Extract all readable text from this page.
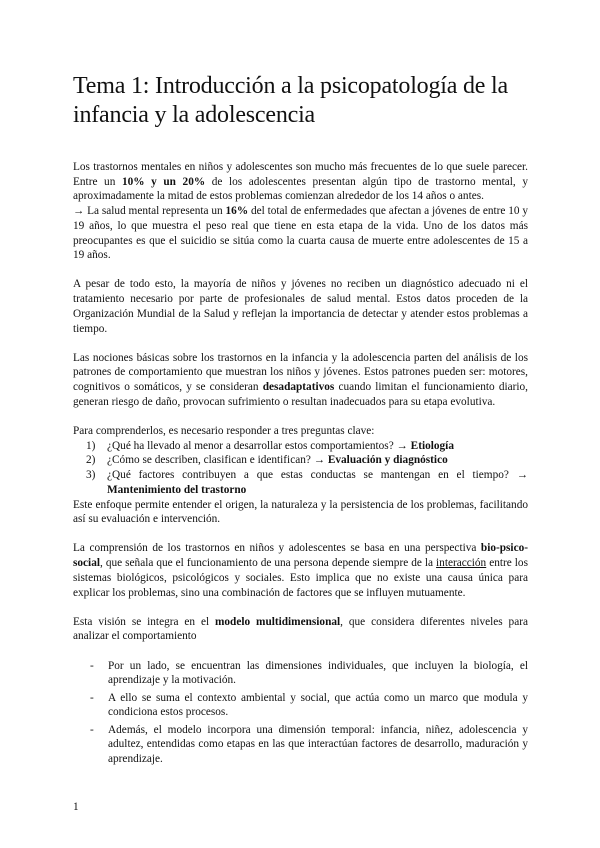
Tema 1: Introducción a la psicopatología de la infancia y la adolescencia

Los trastornos mentales en niños y adolescentes son mucho más frecuentes de lo que suele parecer. Entre un 10% y un 20% de los adolescentes presentan algún tipo de trastorno mental, y aproximadamente la mitad de estos problemas comienzan alrededor de los 14 años o antes.

→ La salud mental representa un 16% del total de enfermedades que afectan a jóvenes de entre 10 y 19 años, lo que muestra el peso real que tiene en esta etapa de la vida. Uno de los datos más preocupantes es que el suicidio se sitúa como la cuarta causa de muerte entre adolescentes de 15 a 19 años.

A pesar de todo esto, la mayoría de niños y jóvenes no reciben un diagnóstico adecuado ni el tratamiento necesario por parte de profesionales de salud mental. Estos datos proceden de la Organización Mundial de la Salud y reflejan la importancia de detectar y atender estos problemas a tiempo.

Las nociones básicas sobre los trastornos en la infancia y la adolescencia parten del análisis de los patrones de comportamiento que muestran los niños y jóvenes. Estos patrones pueden ser: motores, cognitivos o somáticos, y se consideran desadaptativos cuando limitan el funcionamiento diario, generan riesgo de daño, provocan sufrimiento o resultan inadecuados para su etapa evolutiva.

Para comprenderlos, es necesario responder a tres preguntas clave:

1) ¿Qué ha llevado al menor a desarrollar estos comportamientos? → Etiología
2) ¿Cómo se describen, clasifican e identifican? → Evaluación y diagnóstico
3) ¿Qué factores contribuyen a que estas conductas se mantengan en el tiempo? → Mantenimiento del trastorno

Este enfoque permite entender el origen, la naturaleza y la persistencia de los problemas, facilitando así su evaluación e intervención.

La comprensión de los trastornos en niños y adolescentes se basa en una perspectiva bio-psico-social, que señala que el funcionamiento de una persona depende siempre de la interacción entre los sistemas biológicos, psicológicos y sociales. Esto implica que no existe una causa única para explicar los problemas, sino una combinación de factores que se influyen mutuamente.

Esta visión se integra en el modelo multidimensional, que considera diferentes niveles para analizar el comportamiento

- Por un lado, se encuentran las dimensiones individuales, que incluyen la biología, el aprendizaje y la motivación.
- A ello se suma el contexto ambiental y social, que actúa como un marco que modula y condiciona estos procesos.
- Además, el modelo incorpora una dimensión temporal: infancia, niñez, adolescencia y adultez, entendidas como etapas en las que interactúan factores de desarrollo, maduración y aprendizaje.
1
